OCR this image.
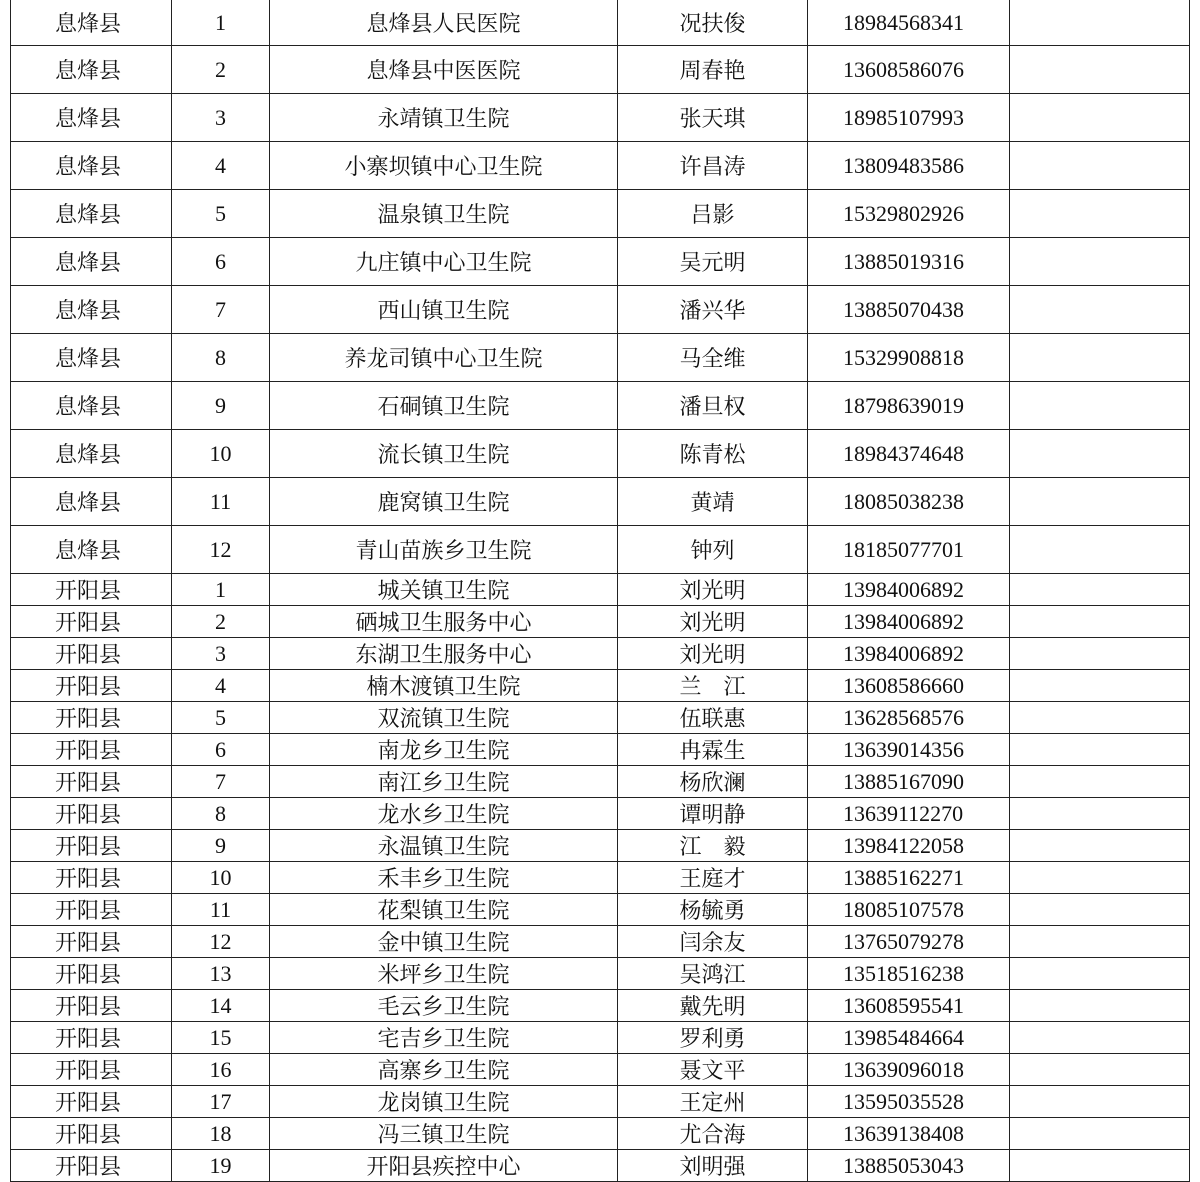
息烽县	1	息烽县人民医院	况扶俊	18984568341	
息烽县	2	息烽县中医医院	周春艳	13608586076	
息烽县	3	永靖镇卫生院	张天琪	18985107993	
息烽县	4	小寨坝镇中心卫生院	许昌涛	13809483586	
息烽县	5	温泉镇卫生院	吕影	15329802926	
息烽县	6	九庄镇中心卫生院	吴元明	13885019316	
息烽县	7	西山镇卫生院	潘兴华	13885070438	
息烽县	8	养龙司镇中心卫生院	马全维	15329908818	
息烽县	9	石硐镇卫生院	潘旦权	18798639019	
息烽县	10	流长镇卫生院	陈青松	18984374648	
息烽县	11	鹿窝镇卫生院	黄靖	18085038238	
息烽县	12	青山苗族乡卫生院	钟列	18185077701	
开阳县	1	城关镇卫生院	刘光明	13984006892	
开阳县	2	硒城卫生服务中心	刘光明	13984006892	
开阳县	3	东湖卫生服务中心	刘光明	13984006892	
开阳县	4	楠木渡镇卫生院	兰　江	13608586660	
开阳县	5	双流镇卫生院	伍联惠	13628568576	
开阳县	6	南龙乡卫生院	冉霖生	13639014356	
开阳县	7	南江乡卫生院	杨欣澜	13885167090	
开阳县	8	龙水乡卫生院	谭明静	13639112270	
开阳县	9	永温镇卫生院	江　毅	13984122058	
开阳县	10	禾丰乡卫生院	王庭才	13885162271	
开阳县	11	花梨镇卫生院	杨毓勇	18085107578	
开阳县	12	金中镇卫生院	闫余友	13765079278	
开阳县	13	米坪乡卫生院	吴鸿江	13518516238	
开阳县	14	毛云乡卫生院	戴先明	13608595541	
开阳县	15	宅吉乡卫生院	罗利勇	13985484664	
开阳县	16	高寨乡卫生院	聂文平	13639096018	
开阳县	17	龙岗镇卫生院	王定州	13595035528	
开阳县	18	冯三镇卫生院	尤合海	13639138408	
开阳县	19	开阳县疾控中心	刘明强	13885053043	
